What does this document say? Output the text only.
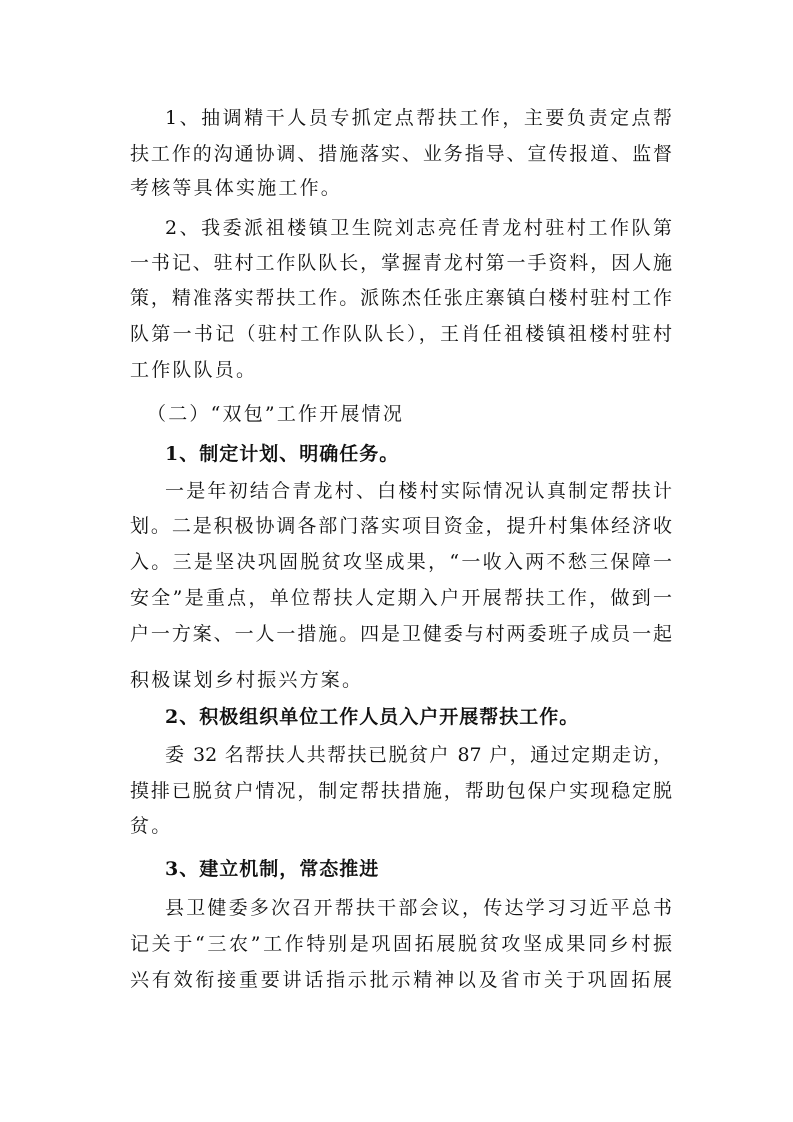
1、抽调精干人员专抓定点帮扶工作，主要负责定点帮
扶工作的沟通协调、措施落实、业务指导、宣传报道、监督
考核等具体实施工作。
2、我委派祖楼镇卫生院刘志亮任青龙村驻村工作队第
一书记、驻村工作队队长，掌握青龙村第一手资料，因人施
策，精准落实帮扶工作。派陈杰任张庄寨镇白楼村驻村工作
队第一书记（驻村工作队队长），王肖任祖楼镇祖楼村驻村
工作队队员。
（二）“双包”工作开展情况
1、制定计划、明确任务。
一是年初结合青龙村、白楼村实际情况认真制定帮扶计
划。二是积极协调各部门落实项目资金，提升村集体经济收
入。三是坚决巩固脱贫攻坚成果，“一收入两不愁三保障一
安全”是重点，单位帮扶人定期入户开展帮扶工作，做到一
户一方案、一人一措施。四是卫健委与村两委班子成员一起
积极谋划乡村振兴方案。
2、积极组织单位工作人员入户开展帮扶工作。
委 32 名帮扶人共帮扶已脱贫户 87 户，通过定期走访，
摸排已脱贫户情况，制定帮扶措施，帮助包保户实现稳定脱
贫。
3、建立机制，常态推进
县卫健委多次召开帮扶干部会议，传达学习习近平总书
记关于“三农”工作特别是巩固拓展脱贫攻坚成果同乡村振
兴有效衔接重要讲话指示批示精神以及省市关于巩固拓展
